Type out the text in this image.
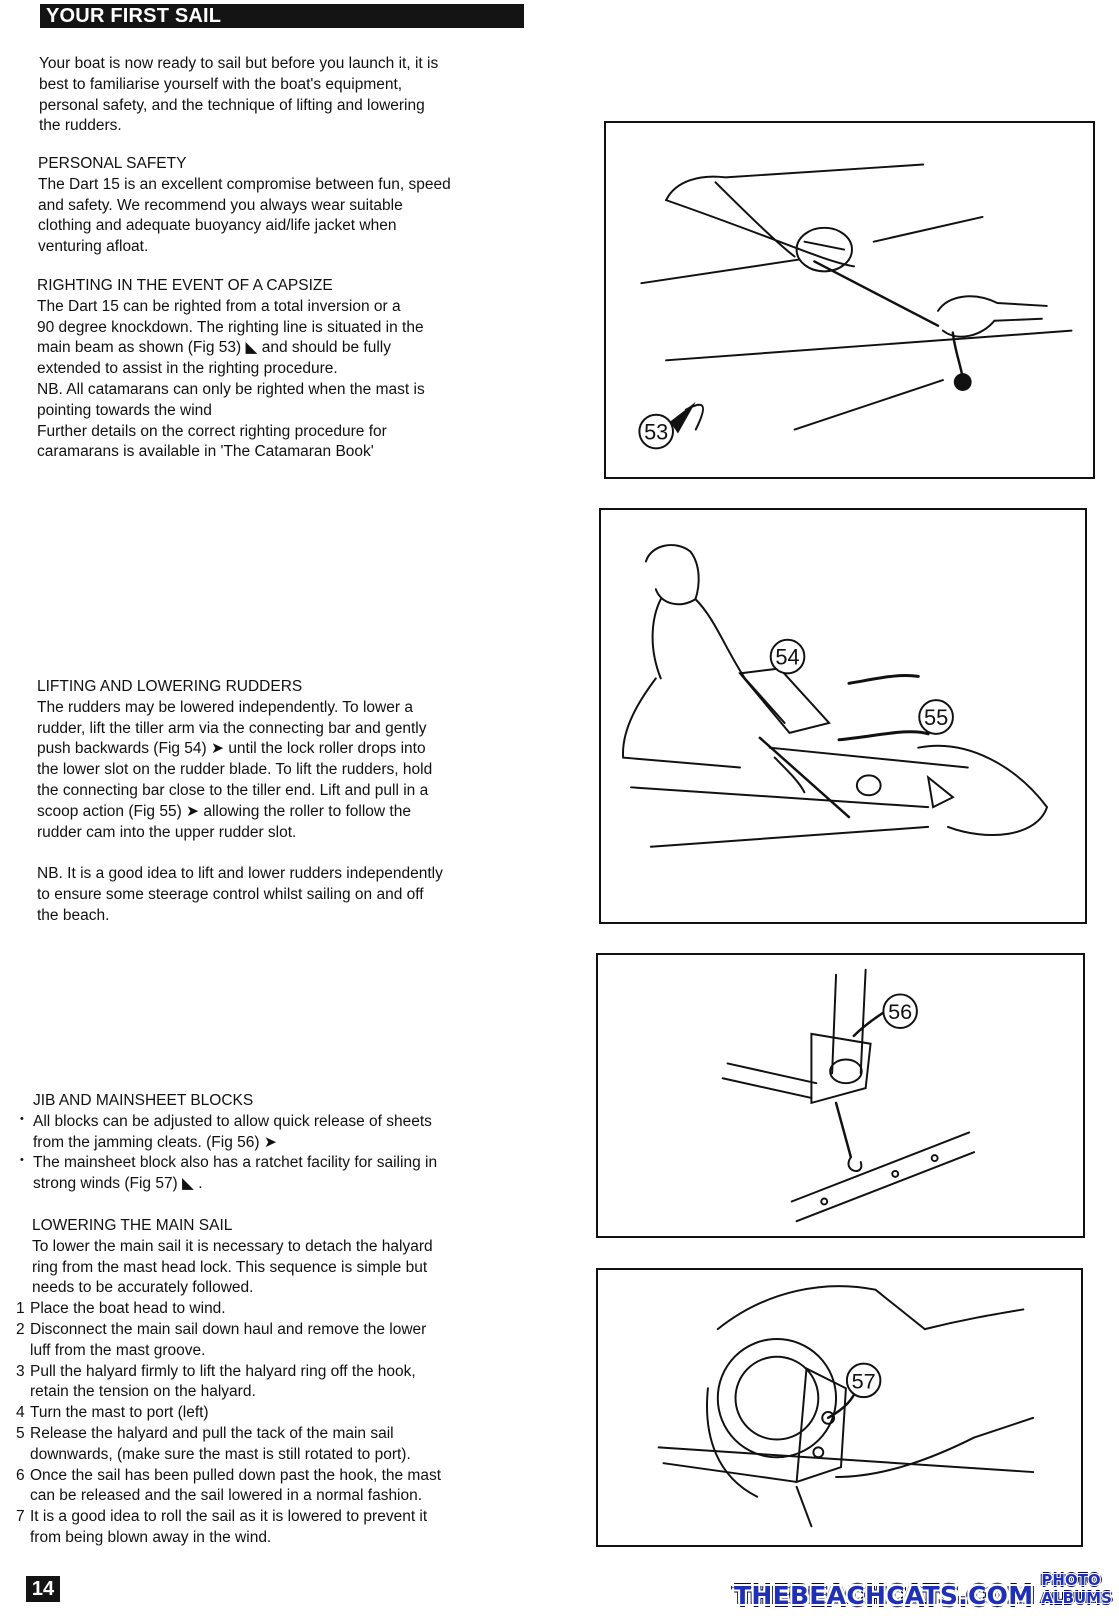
YOUR FIRST SAIL

Your boat is now ready to sail but before you launch it, it is

best to familiarise yourself with the boat's equipment,

personal safety, and the technique of lifting and lowering

the rudders.

PERSONAL SAFETY

The Dart 15 is an excellent compromise between fun, speed

and safety. We recommend you always wear suitable

clothing and adequate buoyancy aid/life jacket when

venturing afloat.

RIGHTING IN THE EVENT OF A CAPSIZE

The Dart 15 can be righted from a total inversion or a

90 degree knockdown. The righting line is situated in the

main beam as shown (Fig 53) ◣ and should be fully

extended to assist in the righting procedure.

NB. All catamarans can only be righted when the mast is

pointing towards the wind

Further details on the correct righting procedure for

caramarans is available in 'The Catamaran Book'

LIFTING AND LOWERING RUDDERS

The rudders may be lowered independently. To lower a

rudder, lift the tiller arm via the connecting bar and gently

push backwards (Fig 54) ➤ until the lock roller drops into

the lower slot on the rudder blade. To lift the rudders, hold

the connecting bar close to the tiller end. Lift and pull in a

scoop action (Fig 55) ➤ allowing the roller to follow the

rudder cam into the upper rudder slot.

NB. It is a good idea to lift and lower rudders independently

to ensure some steerage control whilst sailing on and off

the beach.

JIB AND MAINSHEET BLOCKS

• All blocks can be adjusted to allow quick release of sheets

from the jamming cleats. (Fig 56) ➤

• The mainsheet block also has a ratchet facility for sailing in

strong winds (Fig 57) ◣ .

LOWERING THE MAIN SAIL

To lower the main sail it is necessary to detach the halyard

ring from the mast head lock. This sequence is simple but

needs to be accurately followed.

1 Place the boat head to wind.

2 Disconnect the main sail down haul and remove the lower

luff from the mast groove.

3 Pull the halyard firmly to lift the halyard ring off the hook,

retain the tension on the halyard.

4 Turn the mast to port (left)

5 Release the halyard and pull the tack of the main sail

downwards, (make sure the mast is still rotated to port).

6 Once the sail has been pulled down past the hook, the mast

can be released and the sail lowered in a normal fashion.

7 It is a good idea to roll the sail as it is lowered to prevent it

from being blown away in the wind.

53
54
55
56
57
14	THEBEACHCATS.COM
PHOTO ALBUMS
